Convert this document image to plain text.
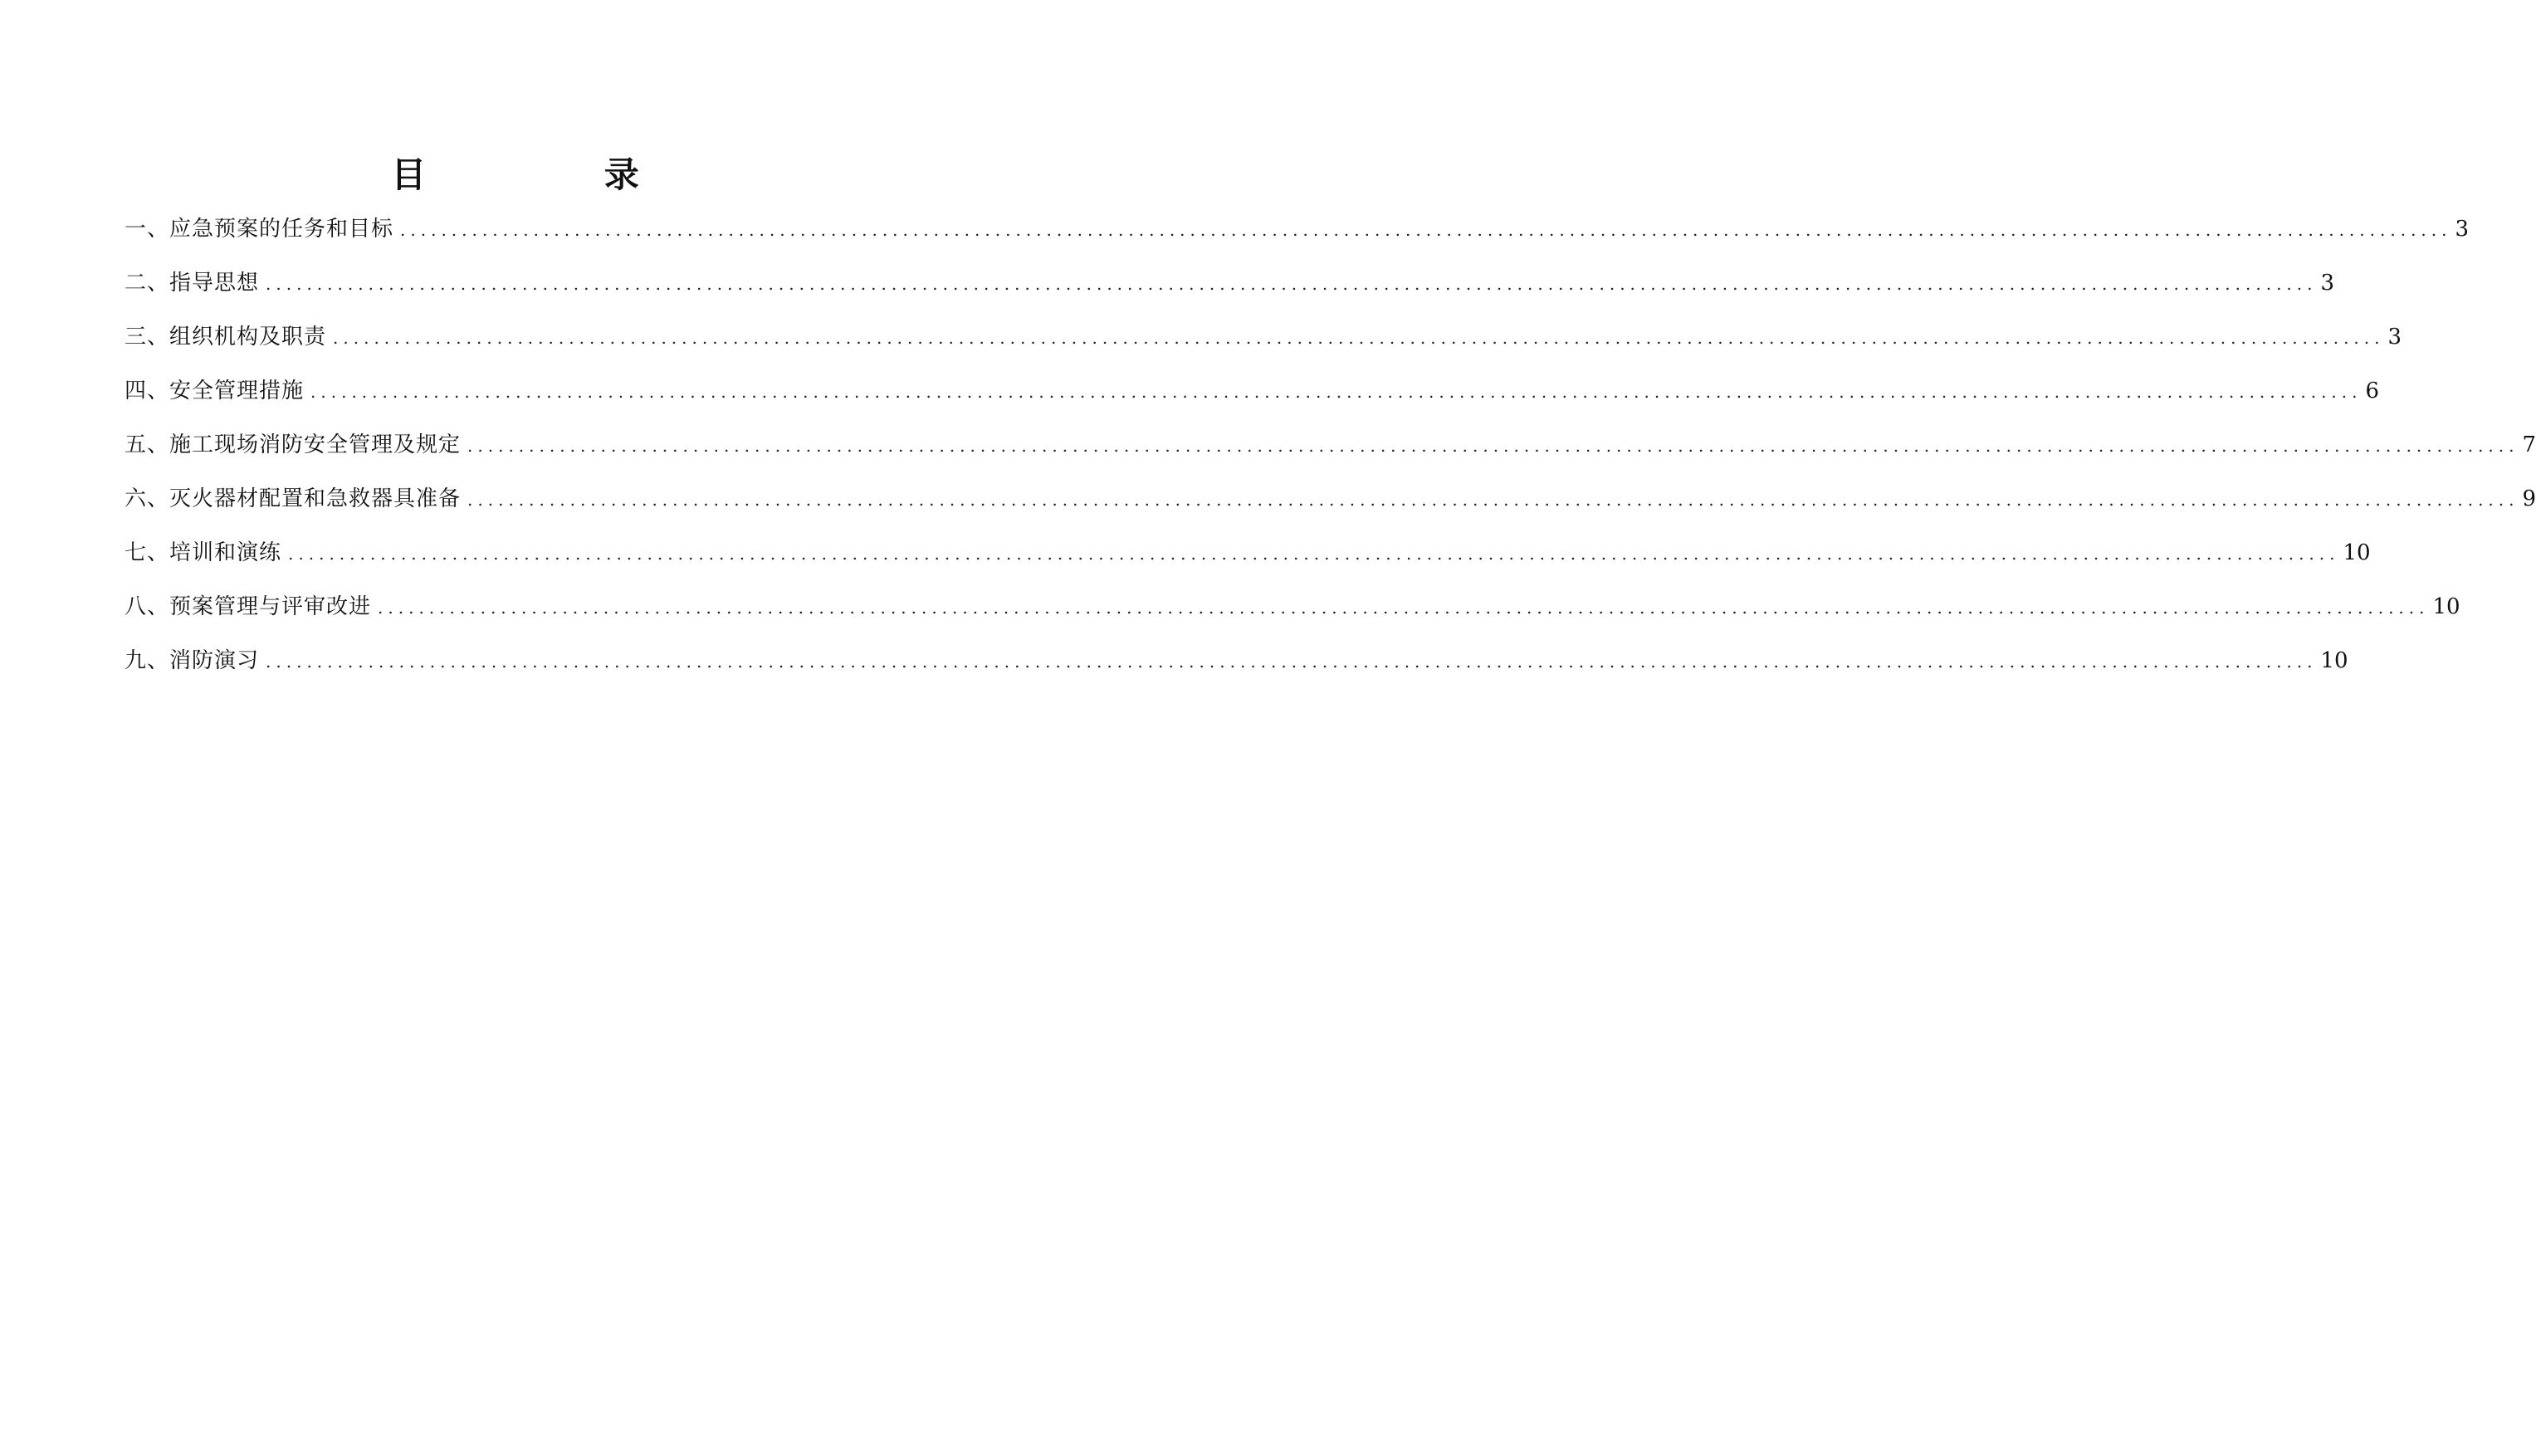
目 录
一、应急预案的任务和目标 ........................................................................................................................................................................................................ 3
二、指导思想 ........................................................................................................................................................................................................ 3
三、组织机构及职责 ........................................................................................................................................................................................................ 3
四、安全管理措施 ........................................................................................................................................................................................................ 6
五、施工现场消防安全管理及规定 ........................................................................................................................................................................................................ 7
六、灭火器材配置和急救器具准备 ........................................................................................................................................................................................................ 9
七、培训和演练 ........................................................................................................................................................................................................ 10
八、预案管理与评审改进 ........................................................................................................................................................................................................ 10
九、消防演习 ........................................................................................................................................................................................................ 10
